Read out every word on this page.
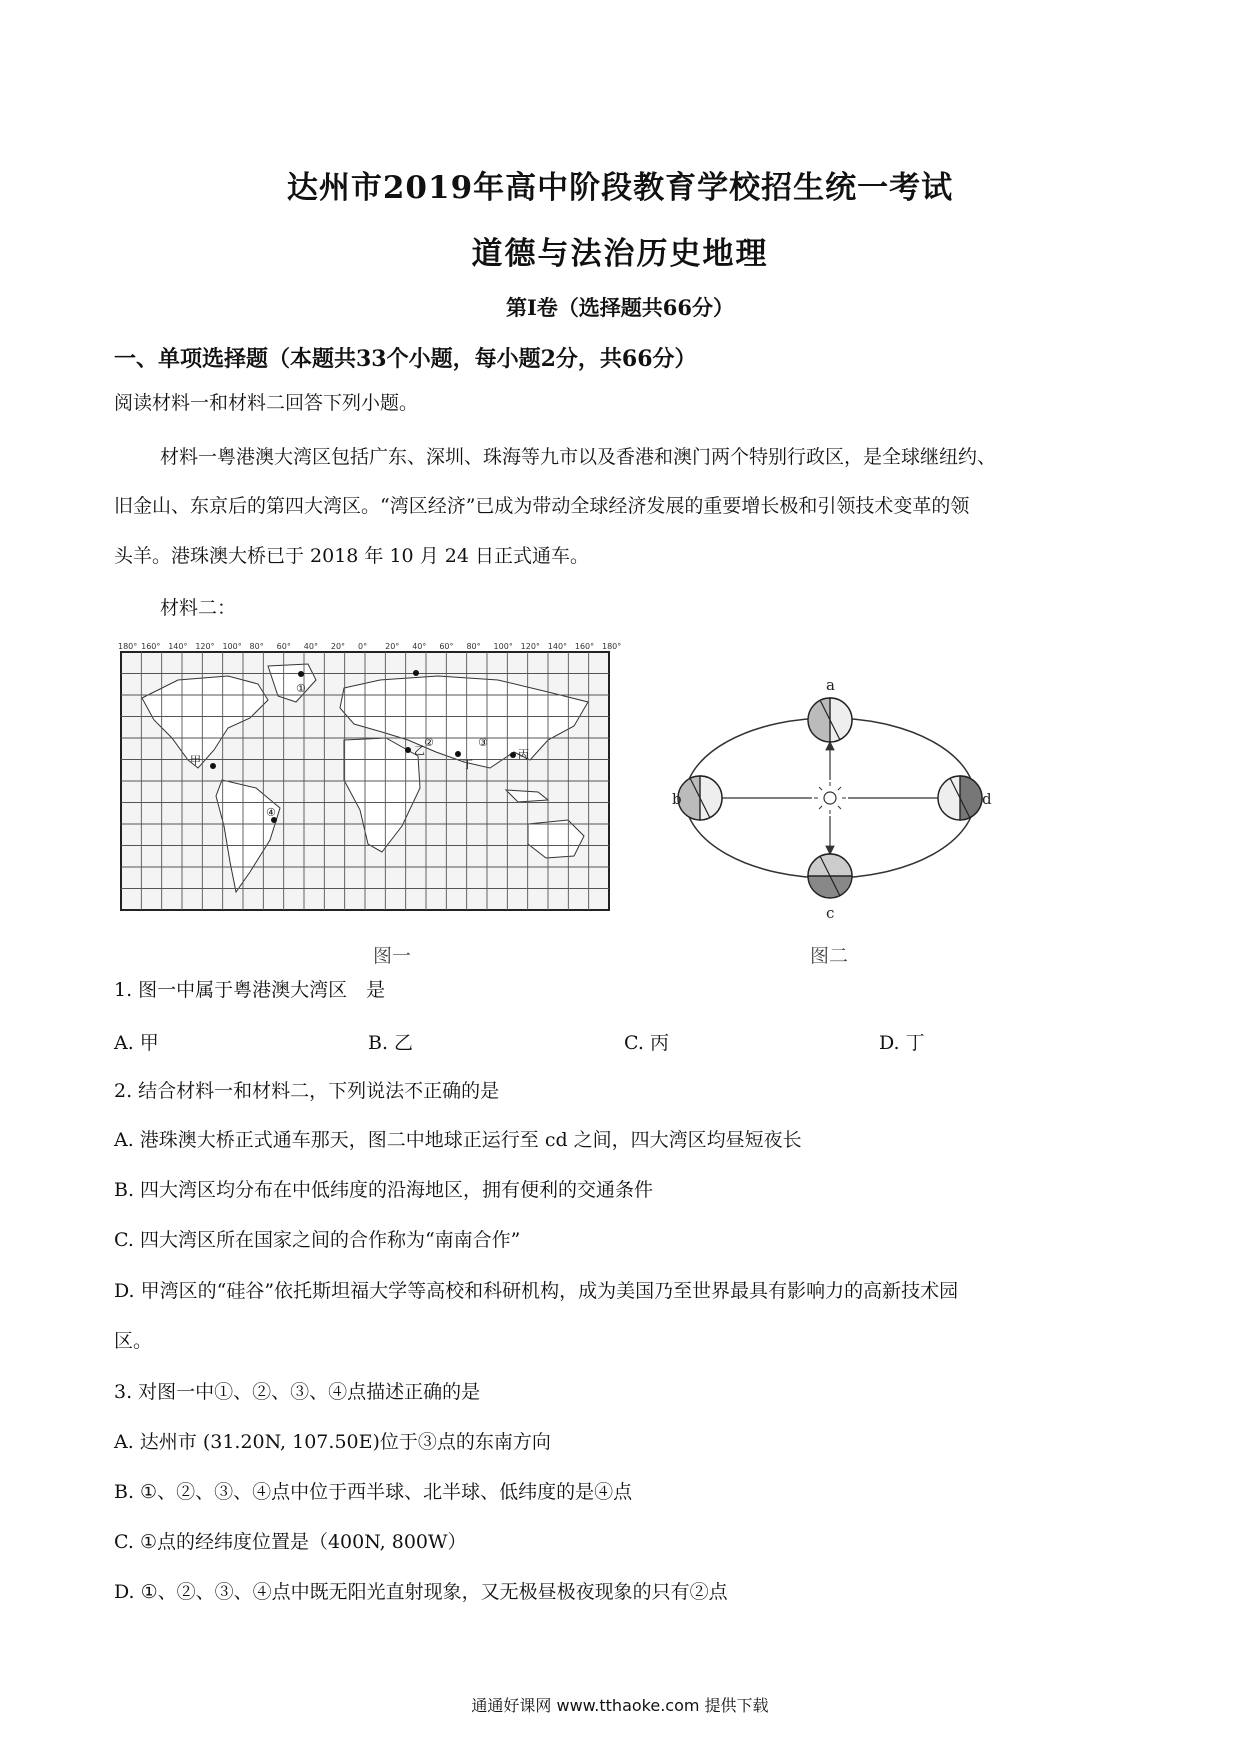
达州市2019年高中阶段教育学校招生统一考试
道德与法治历史地理
第Ⅰ卷（选择题共66分）
一、单项选择题（本题共33个小题，每小题2分，共66分）
阅读材料一和材料二回答下列小题。
材料一粤港澳大湾区包括广东、深圳、珠海等九市以及香港和澳门两个特别行政区，是全球继纽约、
旧金山、东京后的第四大湾区。“湾区经济”已成为带动全球经济发展的重要增长极和引领技术变革的领
头羊。港珠澳大桥已于 2018 年 10 月 24 日正式通车。
材料二：
180° 160° 140° 120° 100° 80° 60° 40° 20° 0° 20° 40° 60° 80° 100° 120° 140° 160° 180°
①
②	③
④
甲
乙
丁
丙
图一
a
b
c
d
图二
1. 图一中属于粤港澳大湾区　是
A. 甲	B. 乙	C. 丙	D. 丁
2. 结合材料一和材料二，下列说法不正确的是
A. 港珠澳大桥正式通车那天，图二中地球正运行至 cd 之间，四大湾区均昼短夜长
B. 四大湾区均分布在中低纬度的沿海地区，拥有便利的交通条件
C. 四大湾区所在国家之间的合作称为“南南合作”
D. 甲湾区的“硅谷”依托斯坦福大学等高校和科研机构，成为美国乃至世界最具有影响力的高新技术园
区。
3. 对图一中①、②、③、④点描述正确的是
A. 达州市 (31.20N, 107.50E)位于③点的东南方向
B. ①、②、③、④点中位于西半球、北半球、低纬度的是④点
C. ①点的经纬度位置是（400N, 800W）
D. ①、②、③、④点中既无阳光直射现象，又无极昼极夜现象的只有②点
通通好课网 www.tthaoke.com 提供下载
